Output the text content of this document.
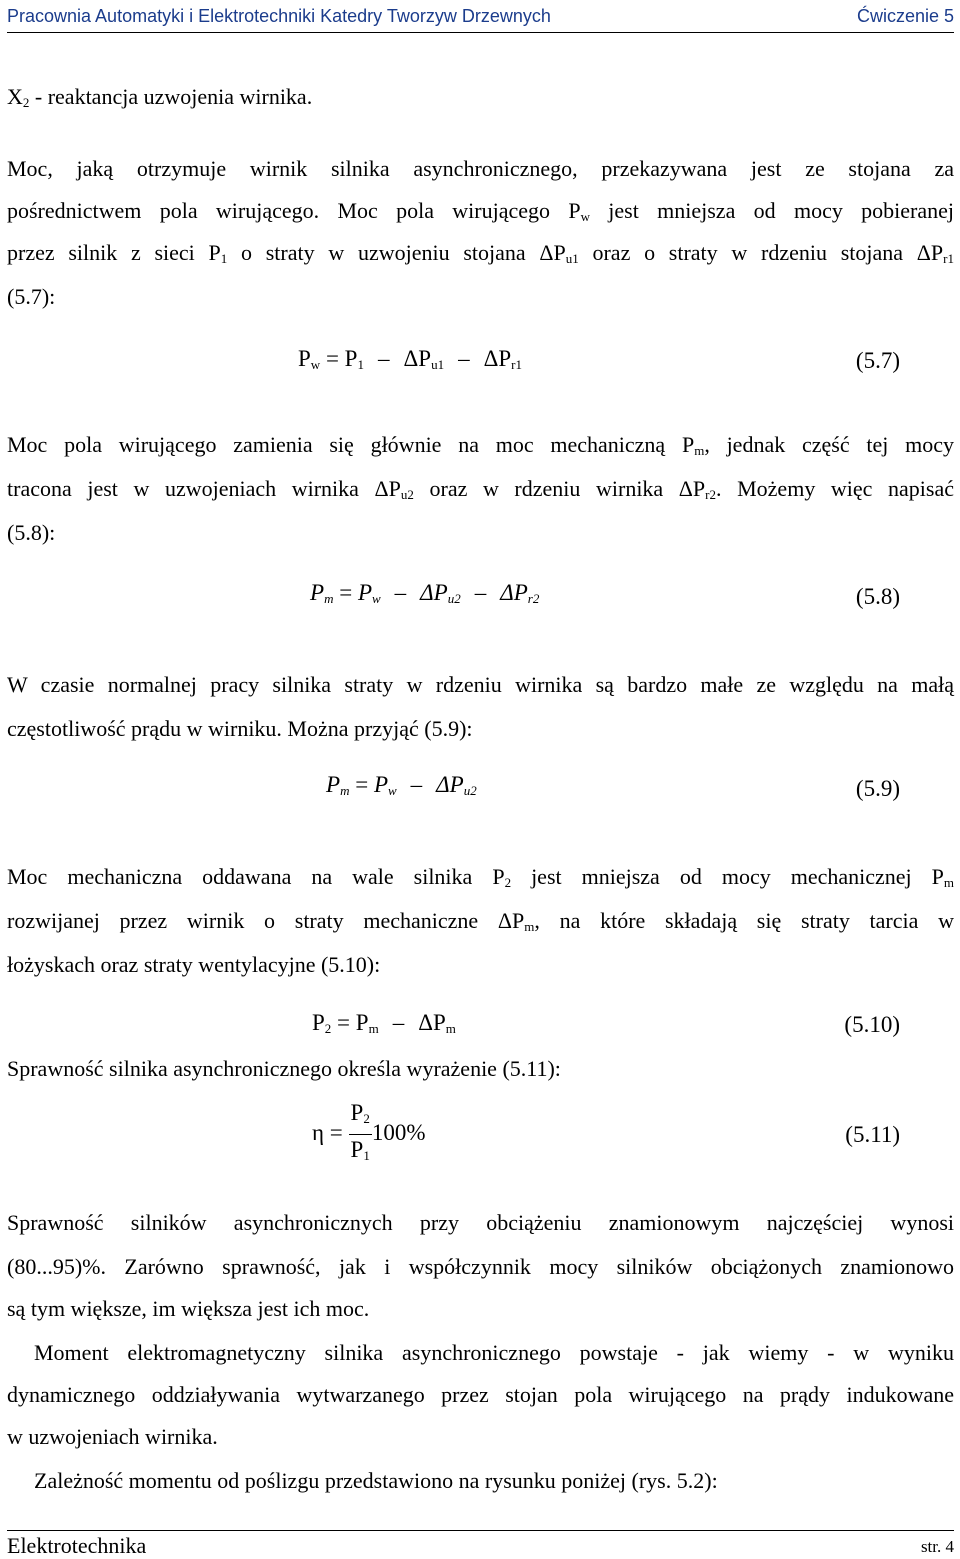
Pracownia Automatyki i Elektrotechniki Katedry Tworzyw Drzewnych	Ćwiczenie 5
$X_2$ - reaktancja uzwojenia wirnika.
Moc, jaką otrzymuje wirnik silnika asynchronicznego, przekazywana jest ze stojana za
pośrednictwem pola wirującego. Moc pola wirującego $P_w$ jest mniejsza od mocy pobieranej
przez silnik z sieci $P_1$ o straty w uzwojeniu stojana $\Delta P_{u1}$ oraz o straty w rdzeniu stojana $\Delta P_{r1}$
(5.7):
$P_w = P_1 - \Delta P_{u1} - \Delta P_{r1}$	(5.7)
Moc pola wirującego zamienia się głównie na moc mechaniczną $P_m$, jednak część tej mocy
tracona jest w uzwojeniach wirnika $\Delta P_{u2}$ oraz w rdzeniu wirnika $\Delta P_{r2}$. Możemy więc napisać
(5.8):
$P_m = P_w - \Delta P_{u2} - \Delta P_{r2}$	(5.8)
W czasie normalnej pracy silnika straty w rdzeniu wirnika są bardzo małe ze względu na małą
częstotliwość prądu w wirniku. Można przyjąć (5.9):
$P_m = P_w - \Delta P_{u2}$	(5.9)
Moc mechaniczna oddawana na wale silnika $P_2$ jest mniejsza od mocy mechanicznej $P_m$
rozwijanej przez wirnik o straty mechaniczne $\Delta P_m$, na które składają się straty tarcia w
łożyskach oraz straty wentylacyjne (5.10):
$P_2 = P_m - \Delta P_m$	(5.10)
Sprawność silnika asynchronicznego określa wyrażenie (5.11):
$\eta = \frac{P_2}{P_1} 100\%$	(5.11)
Sprawność silników asynchronicznych przy obciążeniu znamionowym najczęściej wynosi
(80...95)%. Zarówno sprawność, jak i współczynnik mocy silników obciążonych znamionowo
są tym większe, im większa jest ich moc.
Moment elektromagnetyczny silnika asynchronicznego powstaje - jak wiemy - w wyniku
dynamicznego oddziaływania wytwarzanego przez stojan pola wirującego na prądy indukowane
w uzwojeniach wirnika.
Zależność momentu od poślizgu przedstawiono na rysunku poniżej (rys. 5.2):
Elektrotechnika	str. 4
